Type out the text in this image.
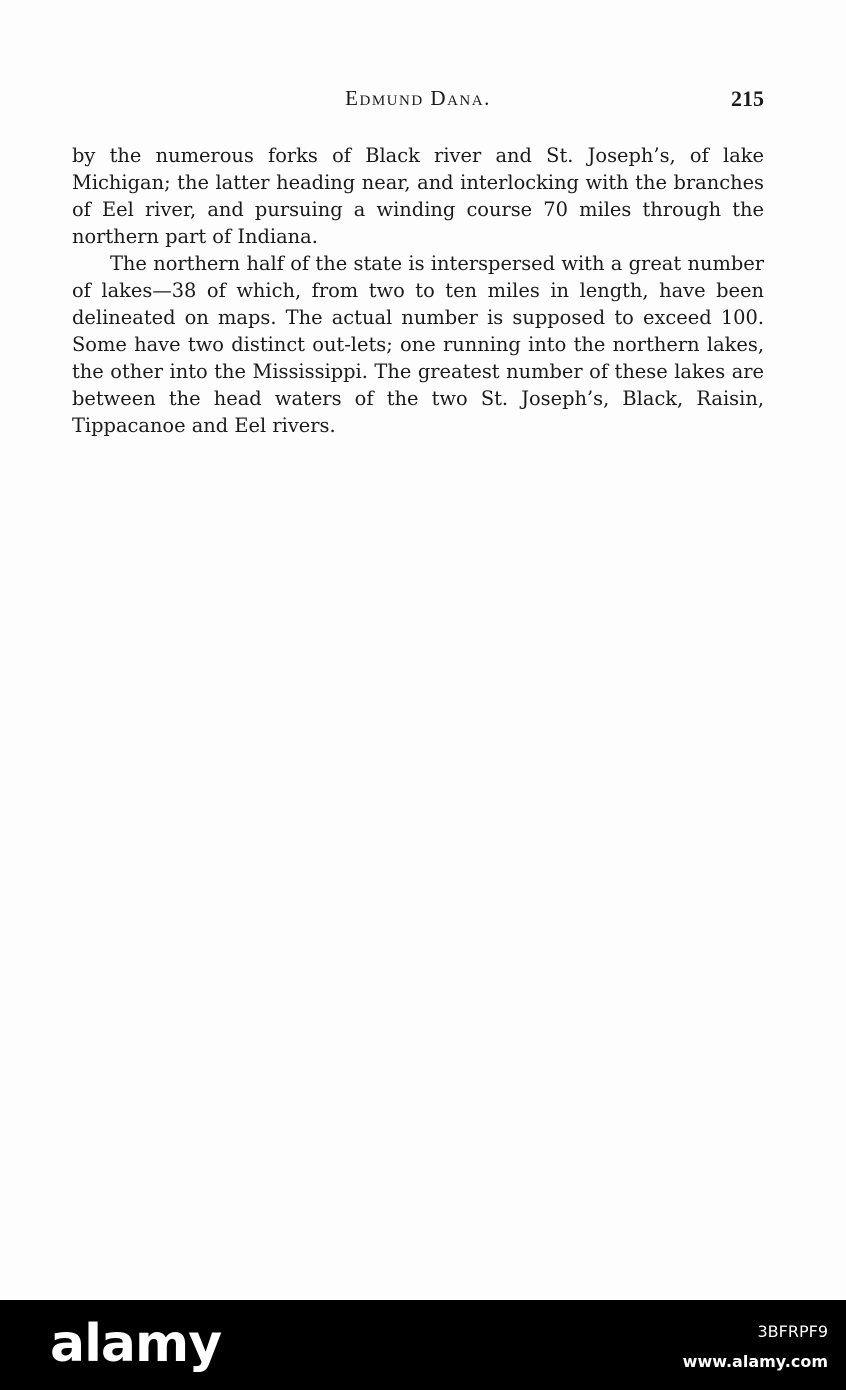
Edmund Dana.	215

by the numerous forks of Black river and St. Joseph’s, of lake Michigan; the latter heading near, and interlocking with the branches of Eel river, and pursuing a winding course 70 miles through the northern part of Indiana.

The northern half of the state is interspersed with a great number of lakes—38 of which, from two to ten miles in length, have been delineated on maps. The actual number is supposed to exceed 100. Some have two distinct out-lets; one running into the northern lakes, the other into the Mississippi. The greatest number of these lakes are between the head waters of the two St. Joseph’s, Black, Raisin, Tippacanoe and Eel rivers.

alamy	3BFRPF9
www.alamy.com
